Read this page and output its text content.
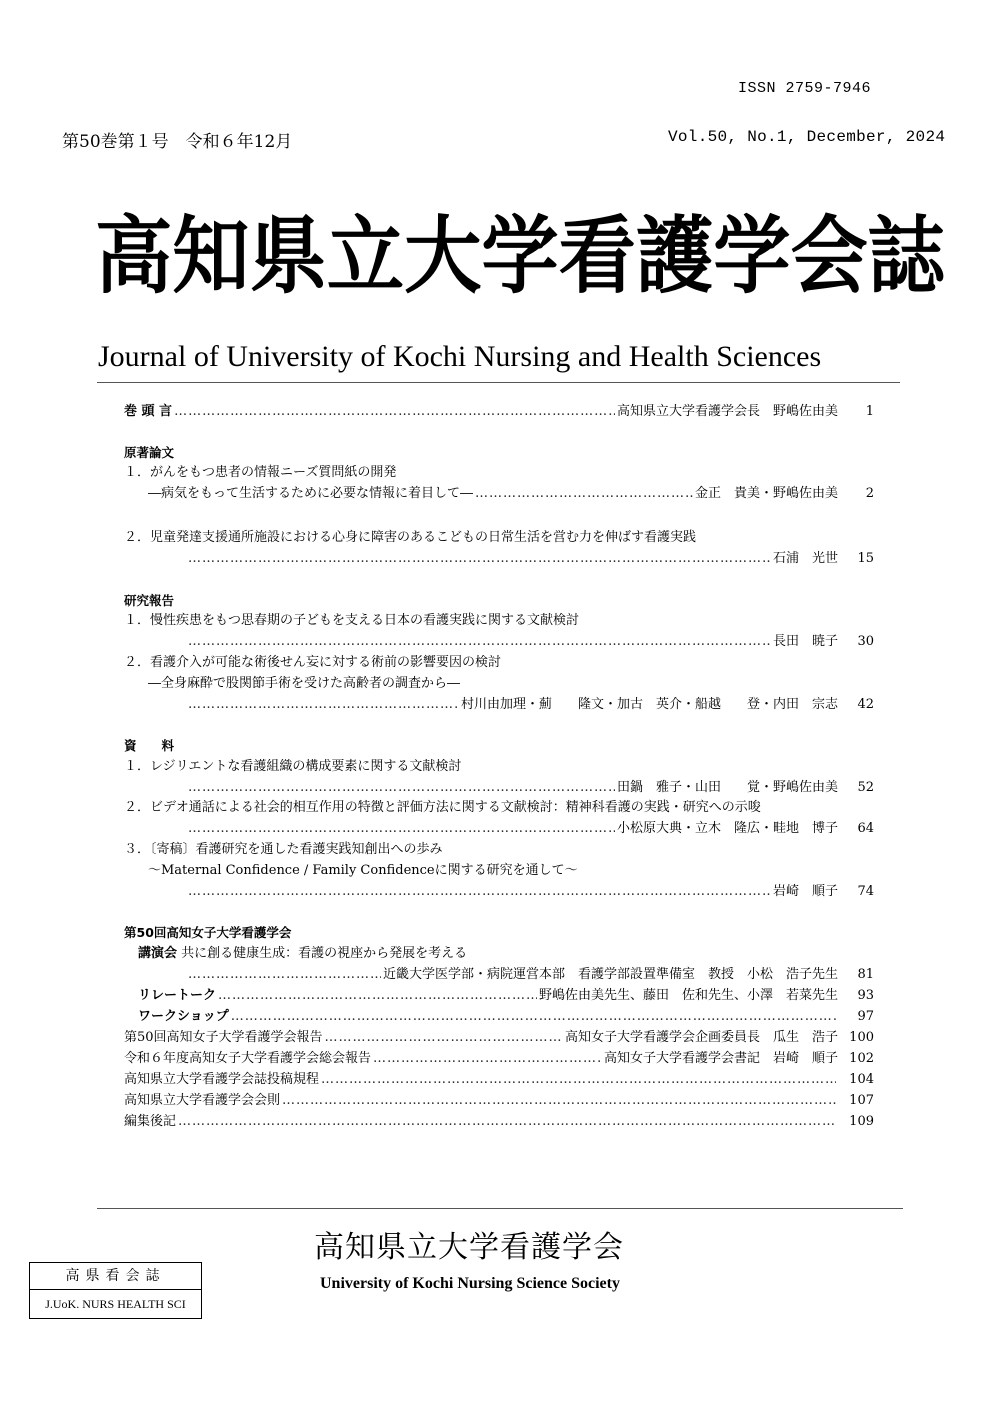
ISSN 2759-7946
第50巻第１号　令和６年12月	Vol.50, No.1, December, 2024
高知県立大学看護学会誌
Journal of University of Kochi Nursing and Health Sciences
巻 頭 言 ……………………………………………………………………………………………………………………………………………………………………………………………………………………………………	高知県立大学看護学会長　野嶋佐由美	1
原著論文
１．がんをもつ患者の情報ニーズ質問紙の開発
―病気をもって生活するために必要な情報に着目して― ……………………………………………………………………………………………………………………………………………………………………………………………………………………………………	金正　貴美・野嶋佐由美	2
２．児童発達支援通所施設における心身に障害のあるこどもの日常生活を営む力を伸ばす看護実践
……………………………………………………………………………………………………………………………………………………………………………………………………………………………………
石浦　光世	15
研究報告
１．慢性疾患をもつ思春期の子どもを支える日本の看護実践に関する文献検討
……………………………………………………………………………………………………………………………………………………………………………………………………………………………………
長田　暁子	30
２．看護介入が可能な術後せん妄に対する術前の影響要因の検討
―全身麻酔で股関節手術を受けた高齢者の調査から―
……………………………………………………………………………………………………………………………………………………………………………………………………………………………………
村川由加理・薊　　隆文・加古　英介・船越　　登・内田　宗志	42
資　　料
１．レジリエントな看護組織の構成要素に関する文献検討
……………………………………………………………………………………………………………………………………………………………………………………………………………………………………
田鍋　雅子・山田　　覚・野嶋佐由美	52
２．ビデオ通話による社会的相互作用の特徴と評価方法に関する文献検討：精神科看護の実践・研究への示唆
……………………………………………………………………………………………………………………………………………………………………………………………………………………………………
小松原大典・立木　隆広・畦地　博子	64
３．〔寄稿〕看護研究を通した看護実践知創出への歩み
～Maternal Confidence / Family Confidenceに関する研究を通して～
……………………………………………………………………………………………………………………………………………………………………………………………………………………………………
岩崎　順子	74
第50回高知女子大学看護学会
講演会 共に創る健康生成：看護の視座から発展を考える
……………………………………………………………………………………………………………………………………………………………………………………………………………………………………
近畿大学医学部・病院運営本部　看護学部設置準備室　教授　小松　浩子先生	81
リレートーク ……………………………………………………………………………………………………………………………………………………………………………………………………………………………………	野嶋佐由美先生、藤田　佐和先生、小澤　若菜先生	93
ワークショップ ……………………………………………………………………………………………………………………………………………………………………………………………………………………………………	97
第50回高知女子大学看護学会報告 ……………………………………………………………………………………………………………………………………………………………………………………………………………………………………	高知女子大学看護学会企画委員長　瓜生　浩子 100
令和６年度高知女子大学看護学会総会報告 ……………………………………………………………………………………………………………………………………………………………………………………………………………………………………	高知女子大学看護学会書記　岩崎　順子 102
高知県立大学看護学会誌投稿規程 ……………………………………………………………………………………………………………………………………………………………………………………………………………………………………	104
高知県立大学看護学会会則 ……………………………………………………………………………………………………………………………………………………………………………………………………………………………………	107
編集後記 ……………………………………………………………………………………………………………………………………………………………………………………………………………………………………	109
高知県立大学看護学会
University of Kochi Nursing Science Society
高県看会誌
J.UoK. NURS HEALTH SCI
